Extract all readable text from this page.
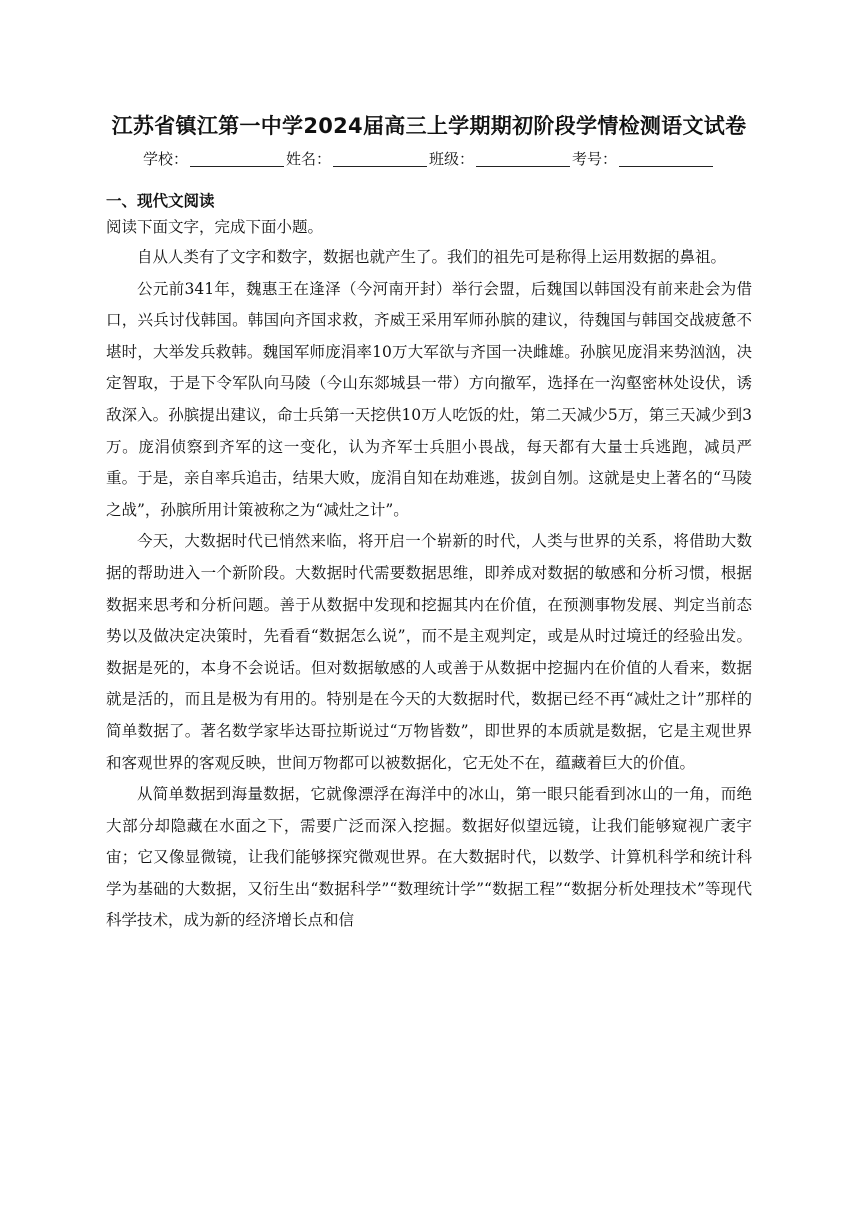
江苏省镇江第一中学2024届高三上学期期初阶段学情检测语文试卷
学校：	姓名：	班级：	考号：
一、现代文阅读

阅读下面文字，完成下面小题。

自从人类有了文字和数字，数据也就产生了。我们的祖先可是称得上运用数据的鼻祖。

公元前341年，魏惠王在逢泽（今河南开封）举行会盟，后魏国以韩国没有前来赴会为借口，兴兵讨伐韩国。韩国向齐国求救，齐威王采用军师孙膑的建议，待魏国与韩国交战疲惫不堪时，大举发兵救韩。魏国军师庞涓率10万大军欲与齐国一决雌雄。孙膑见庞涓来势汹汹，决定智取，于是下令军队向马陵（今山东郯城县一带）方向撤军，选择在一沟壑密林处设伏，诱敌深入。孙膑提出建议，命士兵第一天挖供10万人吃饭的灶，第二天减少5万，第三天减少到3万。庞涓侦察到齐军的这一变化，认为齐军士兵胆小畏战，每天都有大量士兵逃跑，减员严重。于是，亲自率兵追击，结果大败，庞涓自知在劫难逃，拔剑自刎。这就是史上著名的“马陵之战”，孙膑所用计策被称之为“减灶之计”。

今天，大数据时代已悄然来临，将开启一个崭新的时代，人类与世界的关系，将借助大数据的帮助进入一个新阶段。大数据时代需要数据思维，即养成对数据的敏感和分析习惯，根据数据来思考和分析问题。善于从数据中发现和挖掘其内在价值，在预测事物发展、判定当前态势以及做决定决策时，先看看“数据怎么说”，而不是主观判定，或是从时过境迁的经验出发。数据是死的，本身不会说话。但对数据敏感的人或善于从数据中挖掘内在价值的人看来，数据就是活的，而且是极为有用的。特别是在今天的大数据时代，数据已经不再“减灶之计”那样的简单数据了。著名数学家毕达哥拉斯说过“万物皆数”，即世界的本质就是数据，它是主观世界和客观世界的客观反映，世间万物都可以被数据化，它无处不在，蕴藏着巨大的价值。

从简单数据到海量数据，它就像漂浮在海洋中的冰山，第一眼只能看到冰山的一角，而绝大部分却隐藏在水面之下，需要广泛而深入挖掘。数据好似望远镜，让我们能够窥视广袤宇宙；它又像显微镜，让我们能够探究微观世界。在大数据时代，以数学、计算机科学和统计科学为基础的大数据，又衍生出“数据科学”“数理统计学”“数据工程”“数据分析处理技术”等现代科学技术，成为新的经济增长点和信
